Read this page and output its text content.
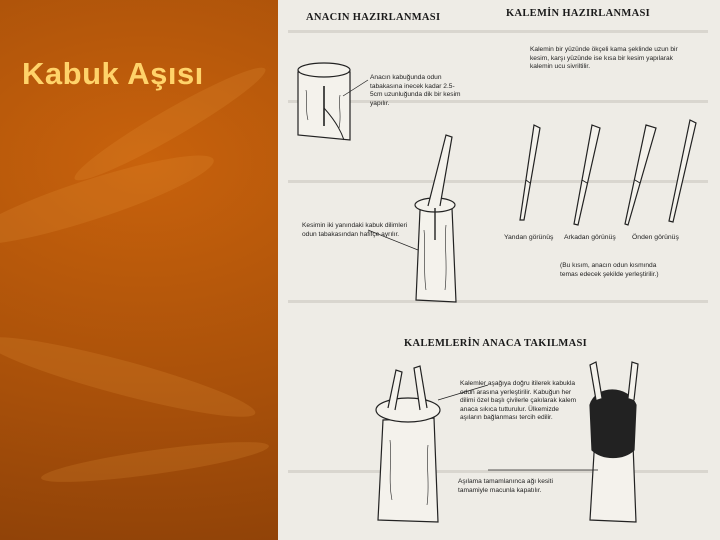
Kabuk Aşısı
ANACIN HAZIRLANMASI	KALEMİN HAZIRLANMASI
Kalemin bir yüzünde ökçeli kama şeklinde uzun bir kesim, karşı yüzünde ise kısa bir kesim yapılarak kalemin ucu sivriltilir.
Anacın kabuğunda odun tabakasına inecek kadar 2.5-5cm uzunluğunda dik bir kesim yapılır.
Kesimin iki yanındaki kabuk dilimleri odun tabakasından hafifçe ayrılır.	Yandan görünüş Arkadan görünüş Önden görünüş
(Bu kısım, anacın odun kısmında temas edecek şekilde yerleştirilir.)
KALEMLERİN ANACA TAKILMASI
Kalemler aşağıya doğru itilerek kabukla odun arasına yerleştirilir. Kabuğun her dilimi özel başlı çivilerle çakılarak kalem anaca sıkıca tutturulur. Ülkemizde aşıların bağlanması tercih edilir.
Aşılama tamamlanınca ağı kesiti tamamiyle macunla kapatılır.
